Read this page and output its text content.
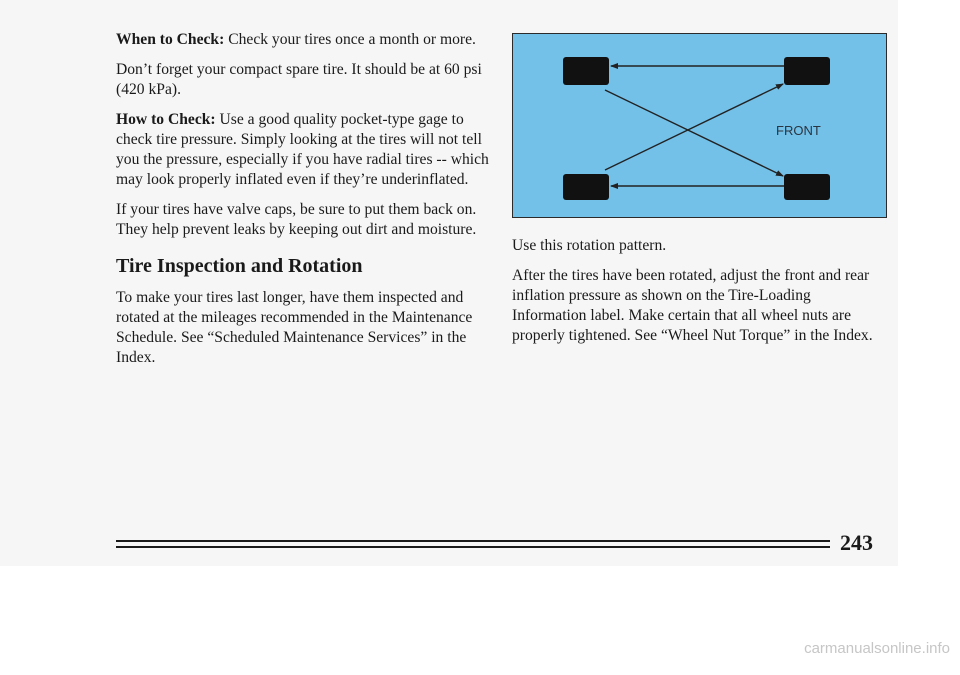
When to Check: Check your tires once a month or more.

Don’t forget your compact spare tire. It should be at 60 psi (420 kPa).

How to Check: Use a good quality pocket-type gage to check tire pressure. Simply looking at the tires will not tell you the pressure, especially if you have radial tires -- which may look properly inflated even if they’re underinflated.

If your tires have valve caps, be sure to put them back on. They help prevent leaks by keeping out dirt and moisture.

Tire Inspection and Rotation

To make your tires last longer, have them inspected and rotated at the mileages recommended in the Maintenance Schedule. See “Scheduled Maintenance Services” in the Index.

FRONT

Use this rotation pattern.

After the tires have been rotated, adjust the front and rear inflation pressure as shown on the Tire-Loading Information label. Make certain that all wheel nuts are properly tightened. See “Wheel Nut Torque” in the Index.

243
carmanualsonline.info
